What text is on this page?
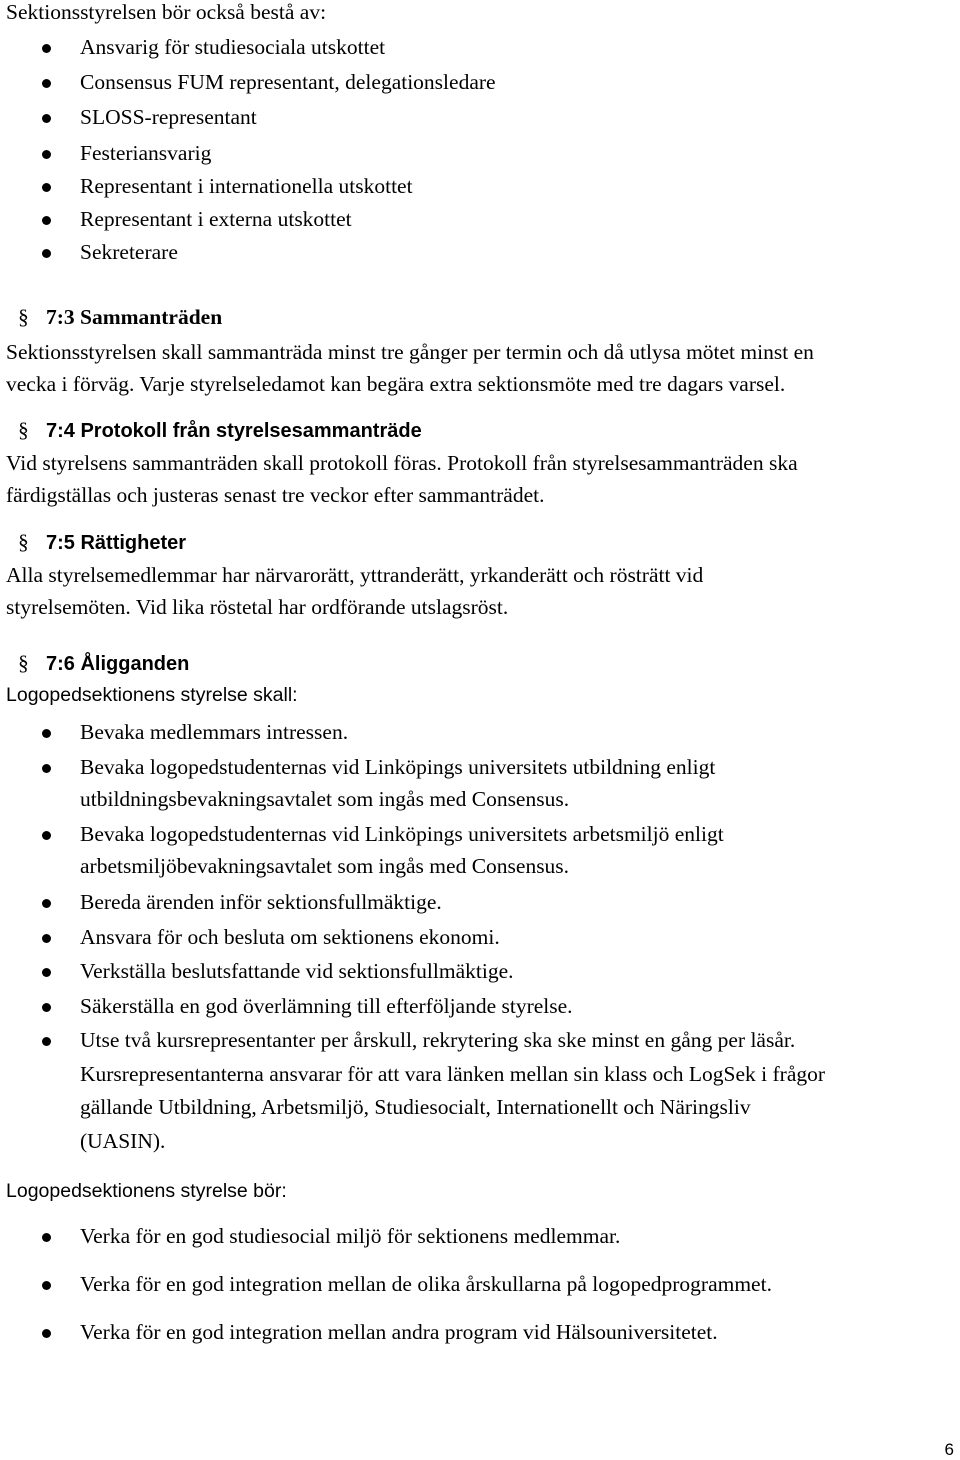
Sektionsstyrelsen bör också bestå av:
Ansvarig för studiesociala utskottet
Consensus FUM representant, delegationsledare
SLOSS-representant
Festeriansvarig
Representant i internationella utskottet
Representant i externa utskottet
Sekreterare
§ 7:3 Sammanträden
Sektionsstyrelsen skall sammanträda minst tre gånger per termin och då utlysa mötet minst en
vecka i förväg. Varje styrelseledamot kan begära extra sektionsmöte med tre dagars varsel.
§ 7:4 Protokoll från styrelsesammanträde
Vid styrelsens sammanträden skall protokoll föras. Protokoll från styrelsesammanträden ska
färdigställas och justeras senast tre veckor efter sammanträdet.
§ 7:5 Rättigheter
Alla styrelsemedlemmar har närvarorätt, yttranderätt, yrkanderätt och rösträtt vid
styrelsemöten. Vid lika röstetal har ordförande utslagsröst.
§ 7:6 Åligganden
Logopedsektionens styrelse skall:
Bevaka medlemmars intressen.
Bevaka logopedstudenternas vid Linköpings universitets utbildning enligt
utbildningsbevakningsavtalet som ingås med Consensus.
Bevaka logopedstudenternas vid Linköpings universitets arbetsmiljö enligt
arbetsmiljöbevakningsavtalet som ingås med Consensus.
Bereda ärenden inför sektionsfullmäktige.
Ansvara för och besluta om sektionens ekonomi.
Verkställa beslutsfattande vid sektionsfullmäktige.
Säkerställa en god överlämning till efterföljande styrelse.
Utse två kursrepresentanter per årskull, rekrytering ska ske minst en gång per läsår.
Kursrepresentanterna ansvarar för att vara länken mellan sin klass och LogSek i frågor
gällande Utbildning, Arbetsmiljö, Studiesocialt, Internationellt och Näringsliv
(UASIN).
Logopedsektionens styrelse bör:
Verka för en god studiesocial miljö för sektionens medlemmar.
Verka för en god integration mellan de olika årskullarna på logopedprogrammet.
Verka för en god integration mellan andra program vid Hälsouniversitetet.
6
